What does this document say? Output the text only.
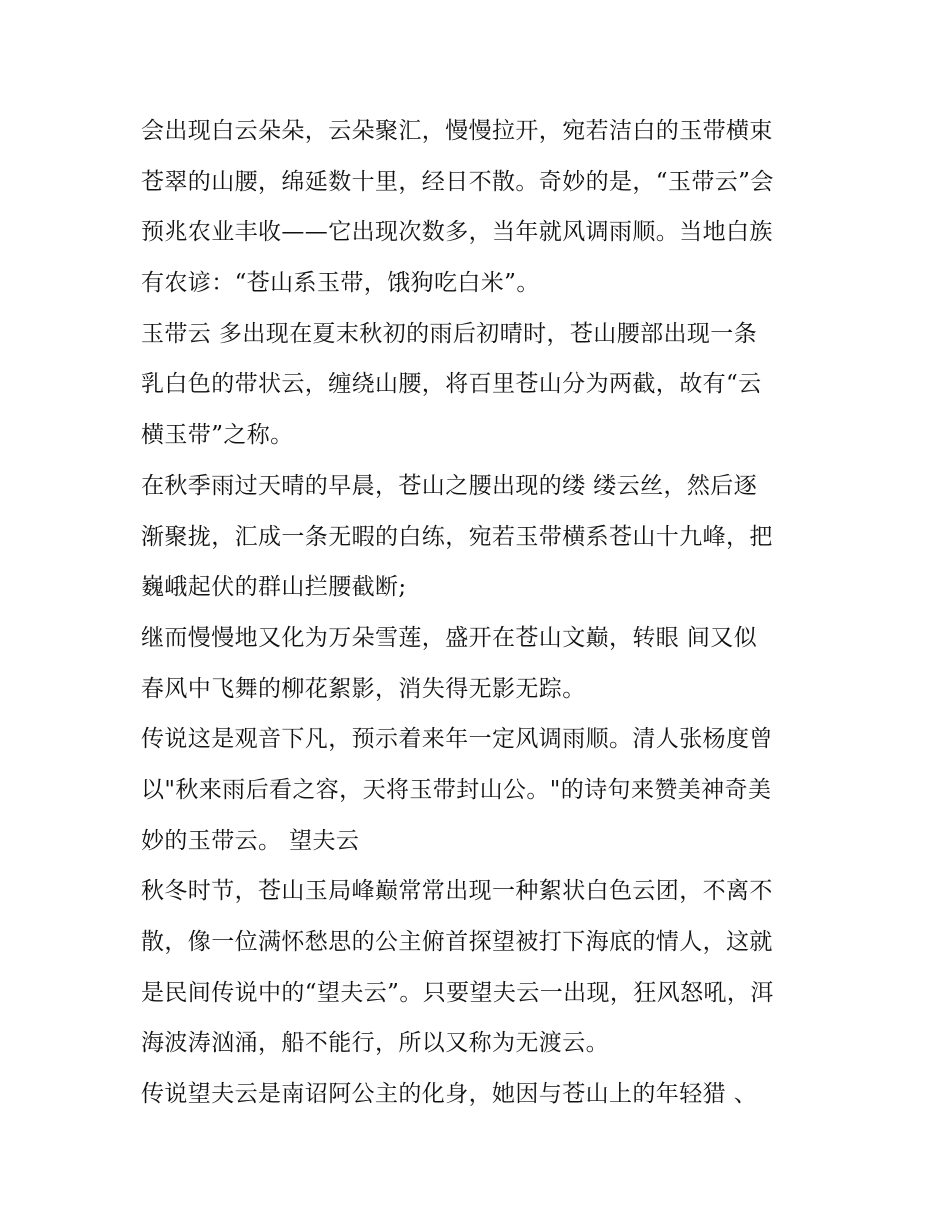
会出现白云朵朵，云朵聚汇，慢慢拉开，宛若洁白的玉带横束
苍翠的山腰，绵延数十里，经日不散。奇妙的是，“玉带云”会
预兆农业丰收——它出现次数多，当年就风调雨顺。当地白族
有农谚：“苍山系玉带，饿狗吃白米”。
玉带云 多出现在夏末秋初的雨后初晴时，苍山腰部出现一条
乳白色的带状云，缠绕山腰，将百里苍山分为两截，故有“云
横玉带”之称。
在秋季雨过天晴的早晨，苍山之腰出现的缕 缕云丝，然后逐
渐聚拢，汇成一条无暇的白练，宛若玉带横系苍山十九峰，把
巍峨起伏的群山拦腰截断;
继而慢慢地又化为万朵雪莲，盛开在苍山文巅，转眼 间又似
春风中飞舞的柳花絮影，消失得无影无踪。
传说这是观音下凡，预示着来年一定风调雨顺。清人张杨度曾
以"秋来雨后看之容，天将玉带封山公。"的诗句来赞美神奇美
妙的玉带云。 望夫云
秋冬时节，苍山玉局峰巅常常出现一种絮状白色云团，不离不
散，像一位满怀愁思的公主俯首探望被打下海底的情人，这就
是民间传说中的“望夫云”。只要望夫云一出现，狂风怒吼，洱
海波涛汹涌，船不能行，所以又称为无渡云。
传说望夫云是南诏阿公主的化身，她因与苍山上的年轻猎 、
